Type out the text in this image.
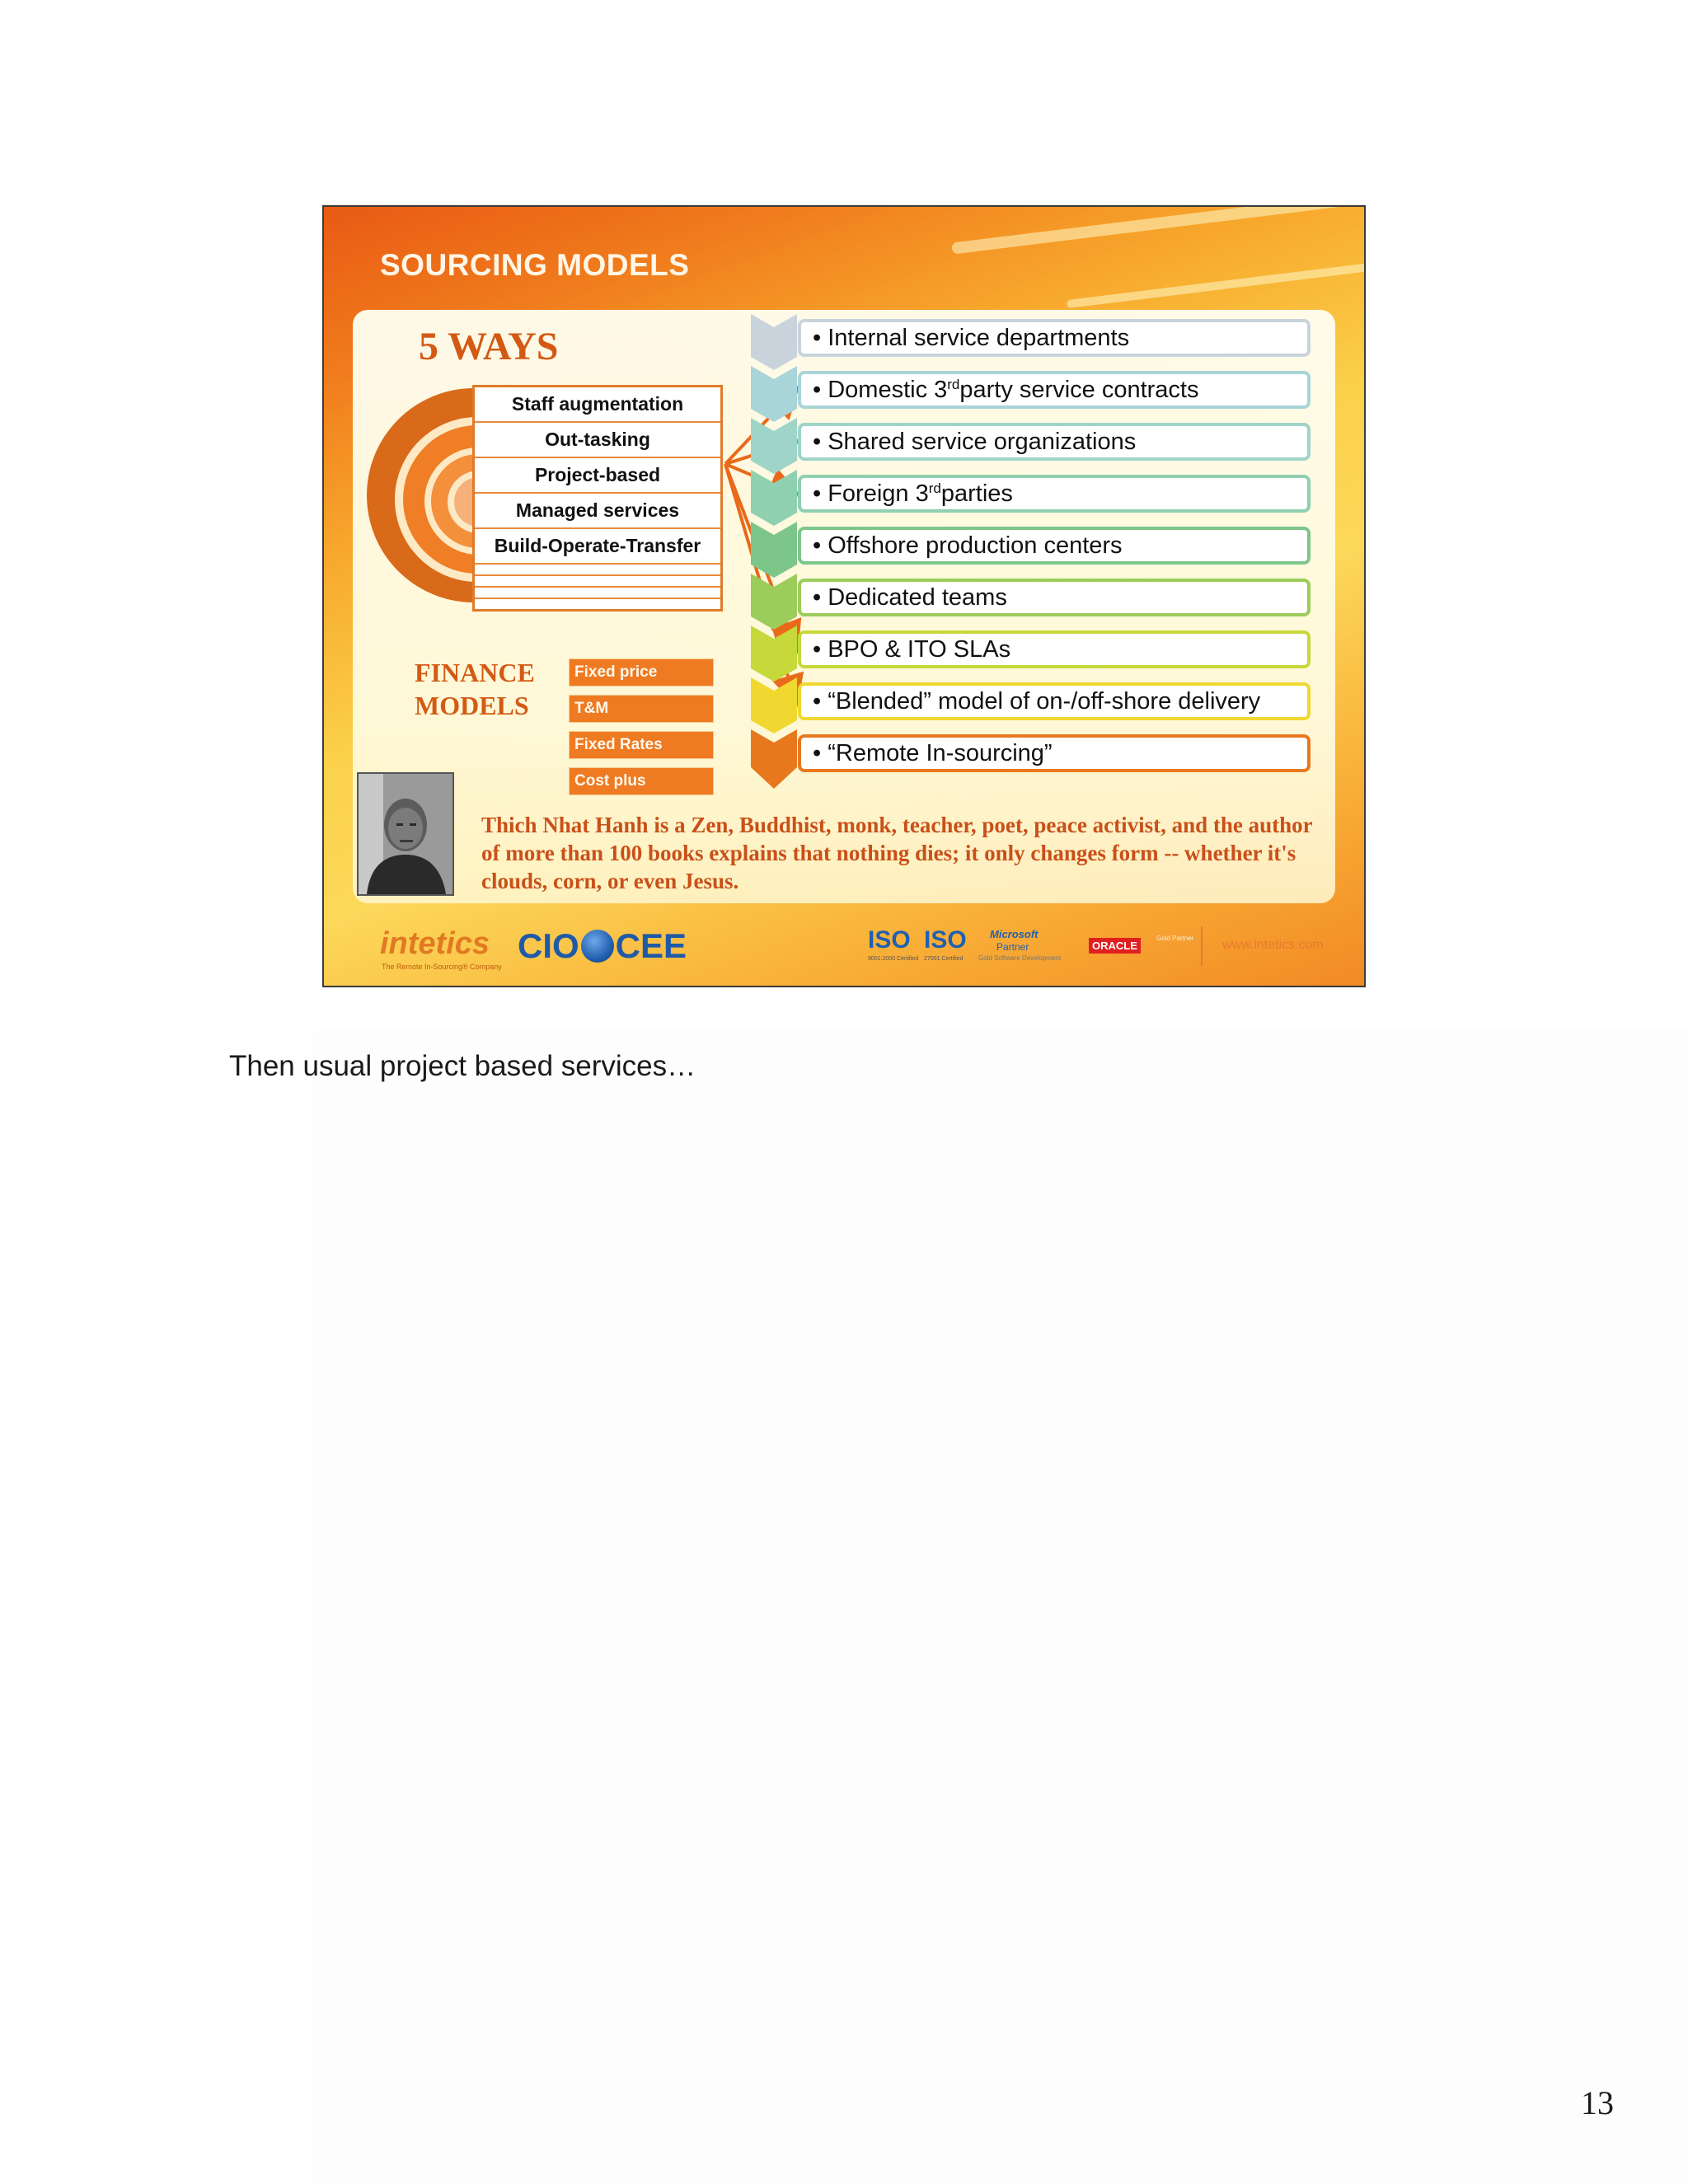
SOURCING MODELS
5 WAYS
Staff augmentation
Out-tasking
Project-based
Managed services
Build-Operate-Transfer
• Internal service departments
• Domestic 3rd party service contracts
• Shared service organizations
• Foreign 3rd parties
• Offshore production centers
• Dedicated teams
• BPO & ITO SLAs
• “Blended” model of on-/off-shore delivery
• “Remote In-sourcing”
FINANCE
MODELS
Fixed price
T&M
Fixed Rates
Cost plus
Thich Nhat Hanh is a Zen, Buddhist, monk, teacher, poet, peace activist, and the author of more than 100 books explains that nothing dies; it only changes form -- whether it's clouds, corn, or even Jesus.
intetics
The Remote In-Sourcing® Company
CIO CEE	ISO
9001:2000 Certified
ISO
27001 Certified
Microsoft
Partner
Gold Software Development
ORACLE
Gold Partner www.intetics.com
Then usual project based services…
13
